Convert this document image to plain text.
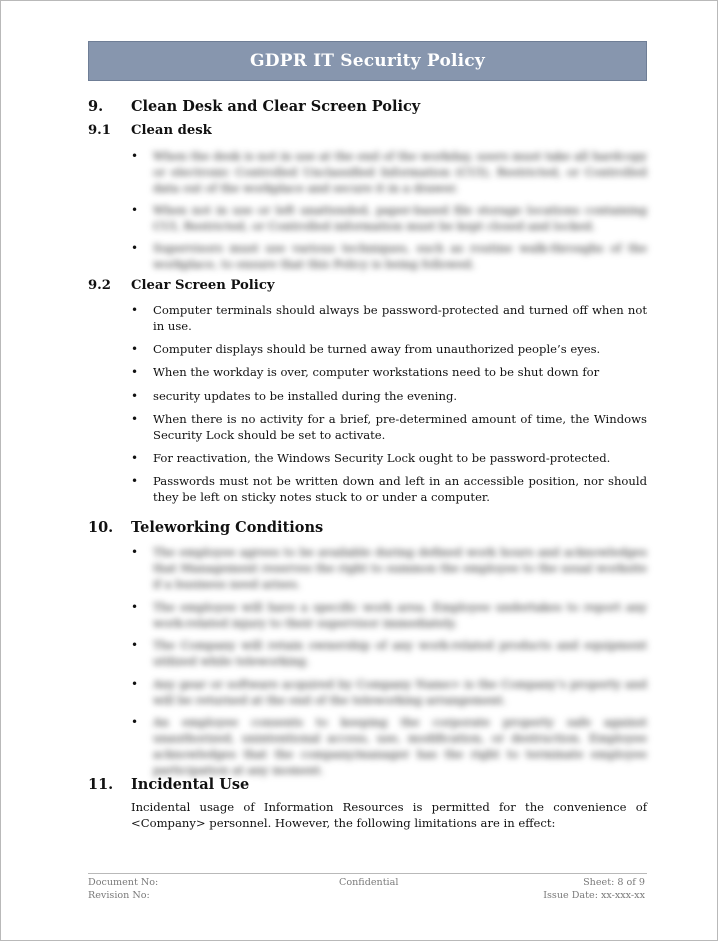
GDPR IT Security Policy
9. Clean Desk and Clear Screen Policy
9.1 Clean desk
• When the desk is not in use at the end of the workday, users must take all hardcopy or electronic Controlled Unclassified Information (CUI), Restricted, or Controlled data out of the workplace and secure it in a drawer.
• When not in use or left unattended, paper-based file storage locations containing CUI, Restricted, or Controlled information must be kept closed and locked.
• Supervisors must use various techniques, such as routine walk-throughs of the workplace, to ensure that this Policy is being followed.
9.2 Clear Screen Policy
• Computer terminals should always be password-protected and turned off when not in use.
• Computer displays should be turned away from unauthorized people’s eyes.
• When the workday is over, computer workstations need to be shut down for
• security updates to be installed during the evening.
• When there is no activity for a brief, pre-determined amount of time, the Windows Security Lock should be set to activate.
• For reactivation, the Windows Security Lock ought to be password-protected.
• Passwords must not be written down and left in an accessible position, nor should they be left on sticky notes stuck to or under a computer.
10. Teleworking Conditions
• The employee agrees to be available during defined work hours and acknowledges that Management reserves the right to summon the employee to the usual worksite if a business need arises.
• The employee will have a specific work area. Employee undertakes to report any work-related injury to their supervisor immediately.
• The Company will retain ownership of any work-related products and equipment utilized while teleworking.
• Any gear or software acquired by Company Name> is the Company’s property and will be returned at the end of the teleworking arrangement.
• An employee consents to keeping the corporate property safe against unauthorized, unintentional access, use, modification, or destruction. Employee acknowledges that the company/manager has the right to terminate employee participation at any moment.
11. Incidental Use
Incidental usage of Information Resources is permitted for the convenience of <Company> personnel. However, the following limitations are in effect:
Document No:
Revision No:
Confidential	Sheet: 8 of 9
Issue Date: xx-xxx-xx
